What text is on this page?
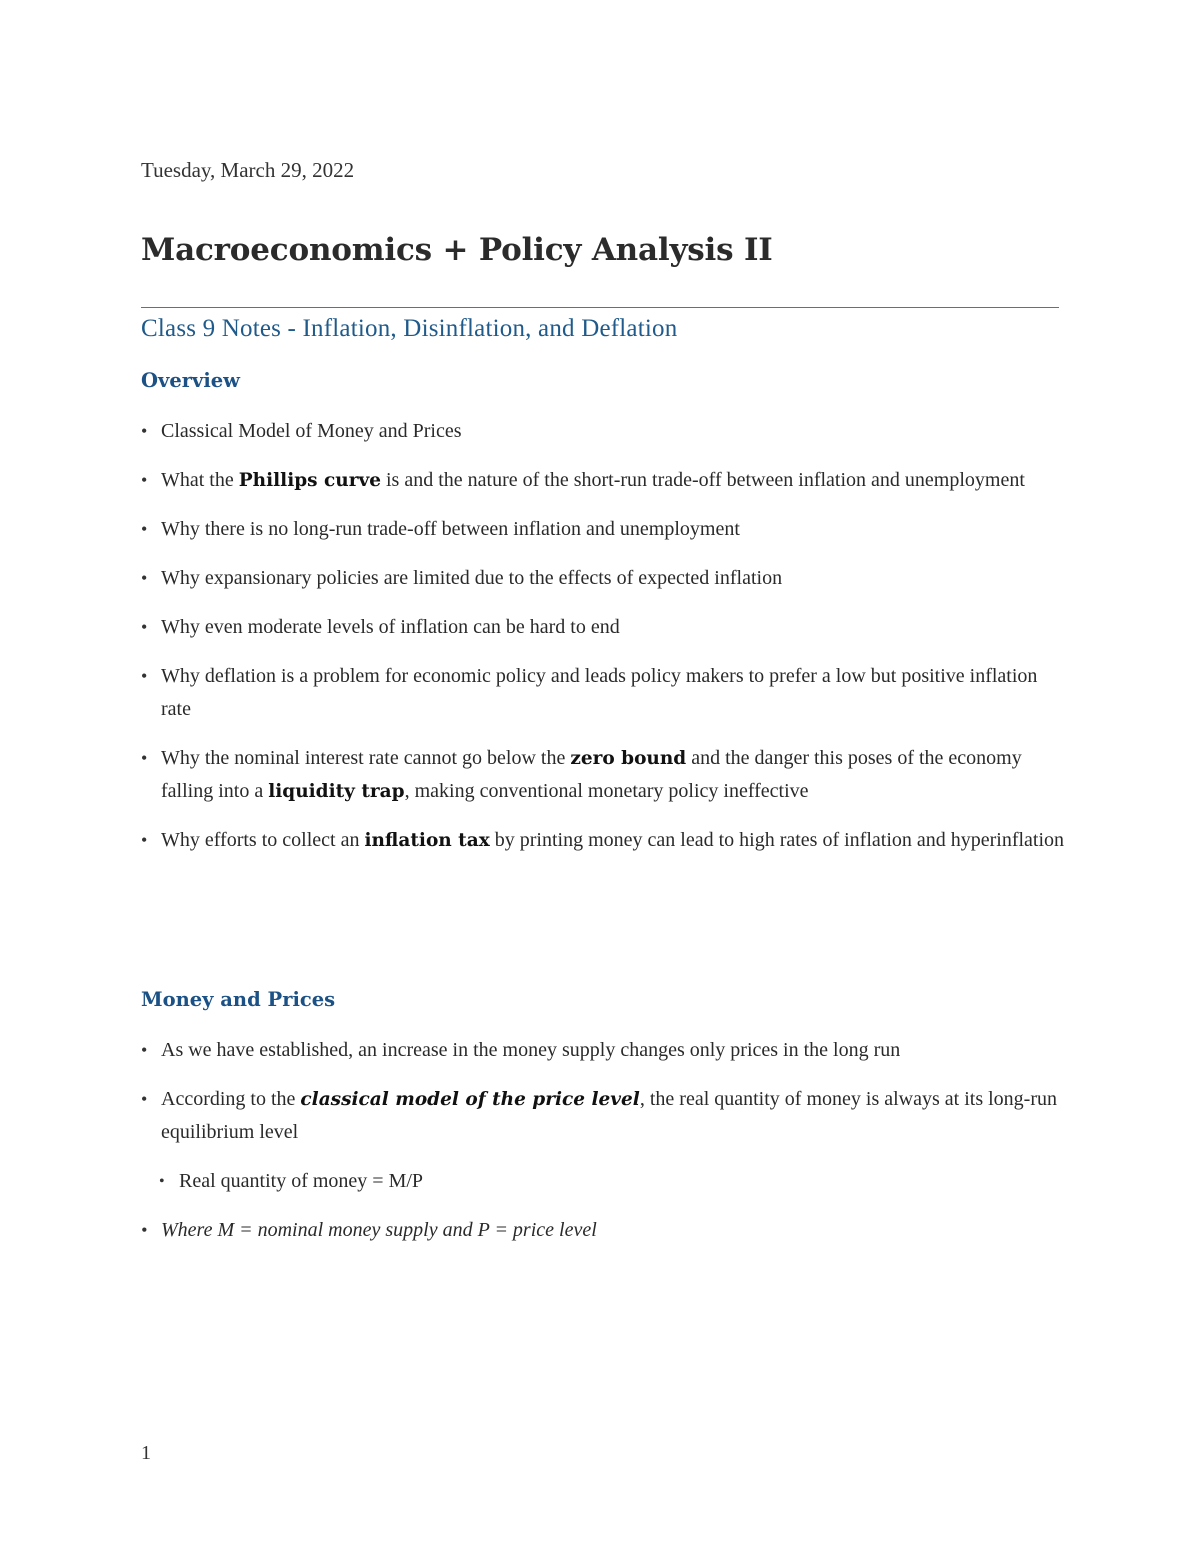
Tuesday, March 29, 2022
Macroeconomics + Policy Analysis II
Class 9 Notes - Inflation, Disinflation, and Deflation
Overview
• Classical Model of Money and Prices
• What the Phillips curve is and the nature of the short-run trade-off between inflation and unemployment
• Why there is no long-run trade-off between inflation and unemployment
• Why expansionary policies are limited due to the effects of expected inflation
• Why even moderate levels of inflation can be hard to end
• Why deflation is a problem for economic policy and leads policy makers to prefer a low but positive inflation rate
• Why the nominal interest rate cannot go below the zero bound and the danger this poses of the economy falling into a liquidity trap, making conventional monetary policy ineffective
• Why efforts to collect an inflation tax by printing money can lead to high rates of inflation and hyperinflation
Money and Prices
• As we have established, an increase in the money supply changes only prices in the long run
• According to the classical model of the price level, the real quantity of money is always at its long-run equilibrium level
• Real quantity of money = M/P
• Where M = nominal money supply and P = price level
1
